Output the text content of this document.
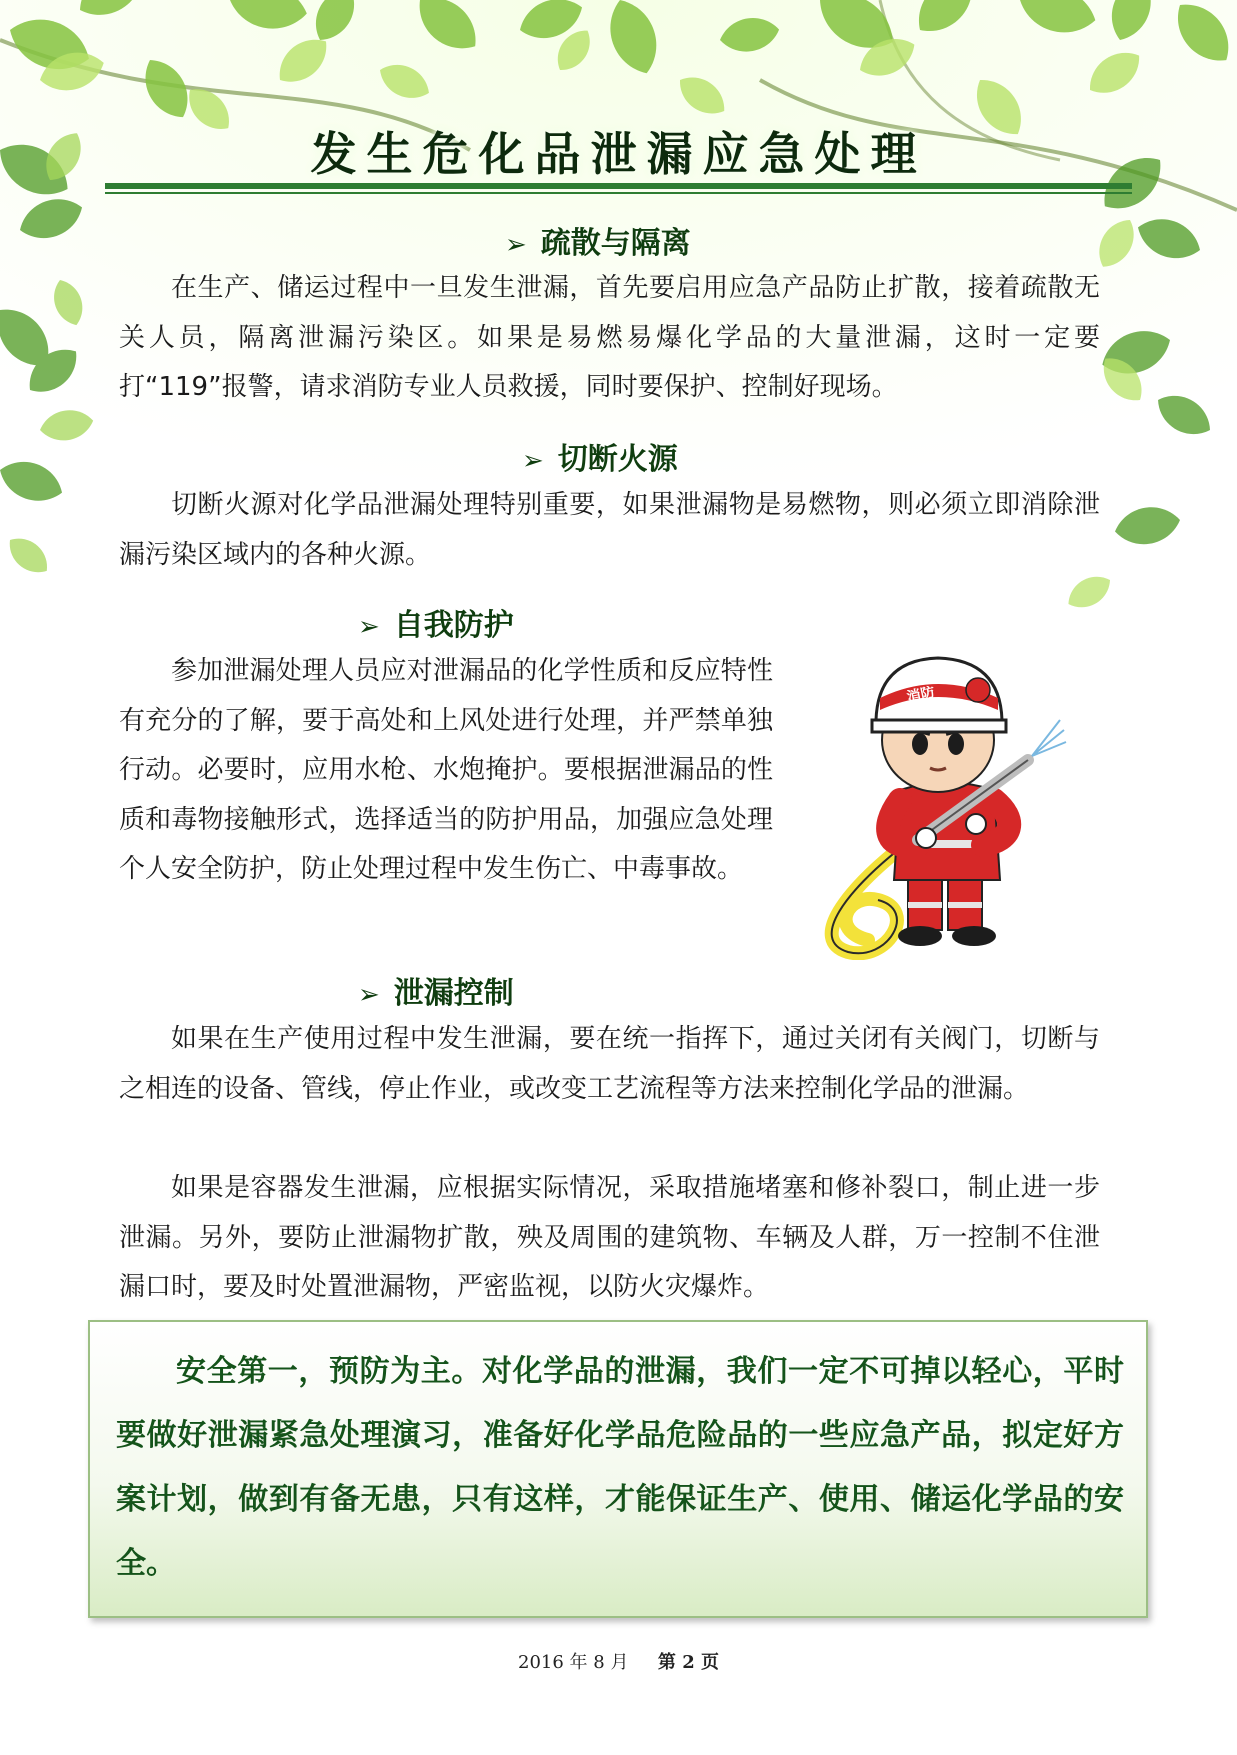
发生危化品泄漏应急处理
➢ 疏散与隔离

在生产、储运过程中一旦发生泄漏，首先要启用应急产品防止扩散，接着疏散无关人员，隔离泄漏污染区。如果是易燃易爆化学品的大量泄漏，这时一定要打“119”报警，请求消防专业人员救援，同时要保护、控制好现场。

➢ 切断火源

切断火源对化学品泄漏处理特别重要，如果泄漏物是易燃物，则必须立即消除泄漏污染区域内的各种火源。

➢ 自我防护

参加泄漏处理人员应对泄漏品的化学性质和反应特性有充分的了解，要于高处和上风处进行处理，并严禁单独行动。必要时，应用水枪、水炮掩护。要根据泄漏品的性质和毒物接触形式，选择适当的防护用品，加强应急处理个人安全防护，防止处理过程中发生伤亡、中毒事故。

消防
➢ 泄漏控制

如果在生产使用过程中发生泄漏，要在统一指挥下，通过关闭有关阀门，切断与之相连的设备、管线，停止作业，或改变工艺流程等方法来控制化学品的泄漏。

如果是容器发生泄漏，应根据实际情况，采取措施堵塞和修补裂口，制止进一步泄漏。另外，要防止泄漏物扩散，殃及周围的建筑物、车辆及人群，万一控制不住泄漏口时，要及时处置泄漏物，严密监视，以防火灾爆炸。

安全第一，预防为主。对化学品的泄漏，我们一定不可掉以轻心，平时要做好泄漏紧急处理演习，准备好化学品危险品的一些应急产品，拟定好方案计划，做到有备无患，只有这样，才能保证生产、使用、储运化学品的安全。

2016 年 8 月 第 2 页
